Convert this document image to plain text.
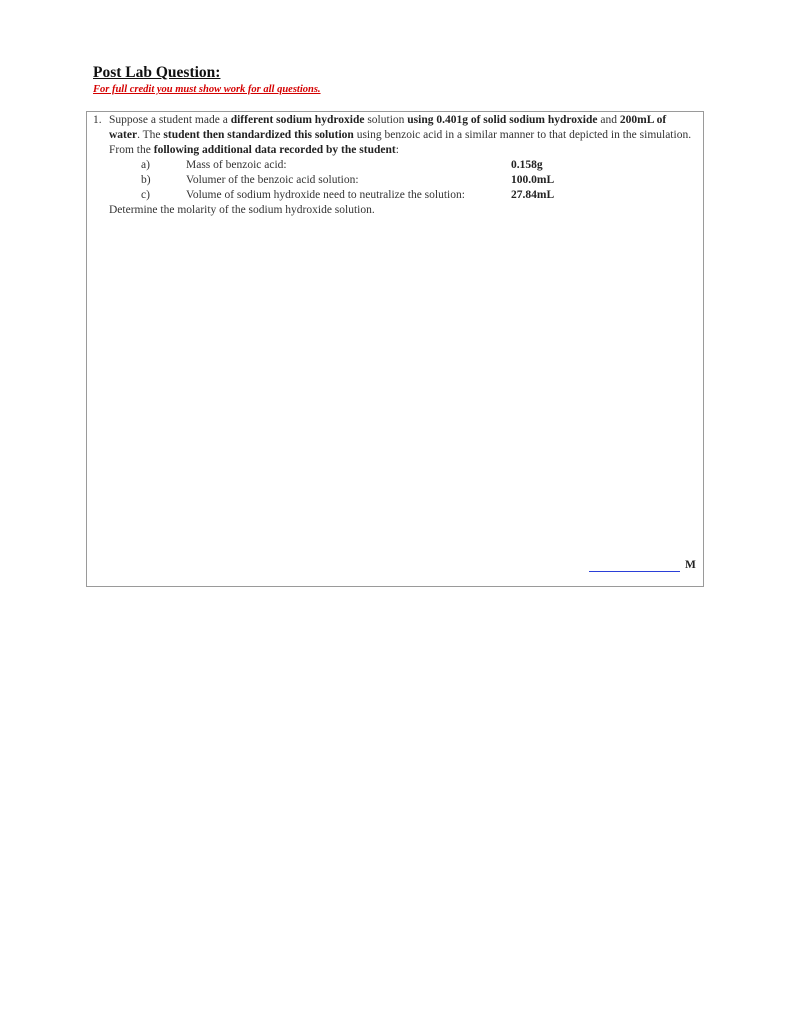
Post Lab Question:
For full credit you must show work for all questions.
1. Suppose a student made a different sodium hydroxide solution using 0.401g of solid sodium hydroxide and 200mL of water. The student then standardized this solution using benzoic acid in a similar manner to that depicted in the simulation. From the following additional data recorded by the student:
a)	Mass of benzoic acid:	0.158g
b)	Volumer of the benzoic acid solution:	100.0mL
c)	Volume of sodium hydroxide need to neutralize the solution:	27.84mL
Determine the molarity of the sodium hydroxide solution.
M
